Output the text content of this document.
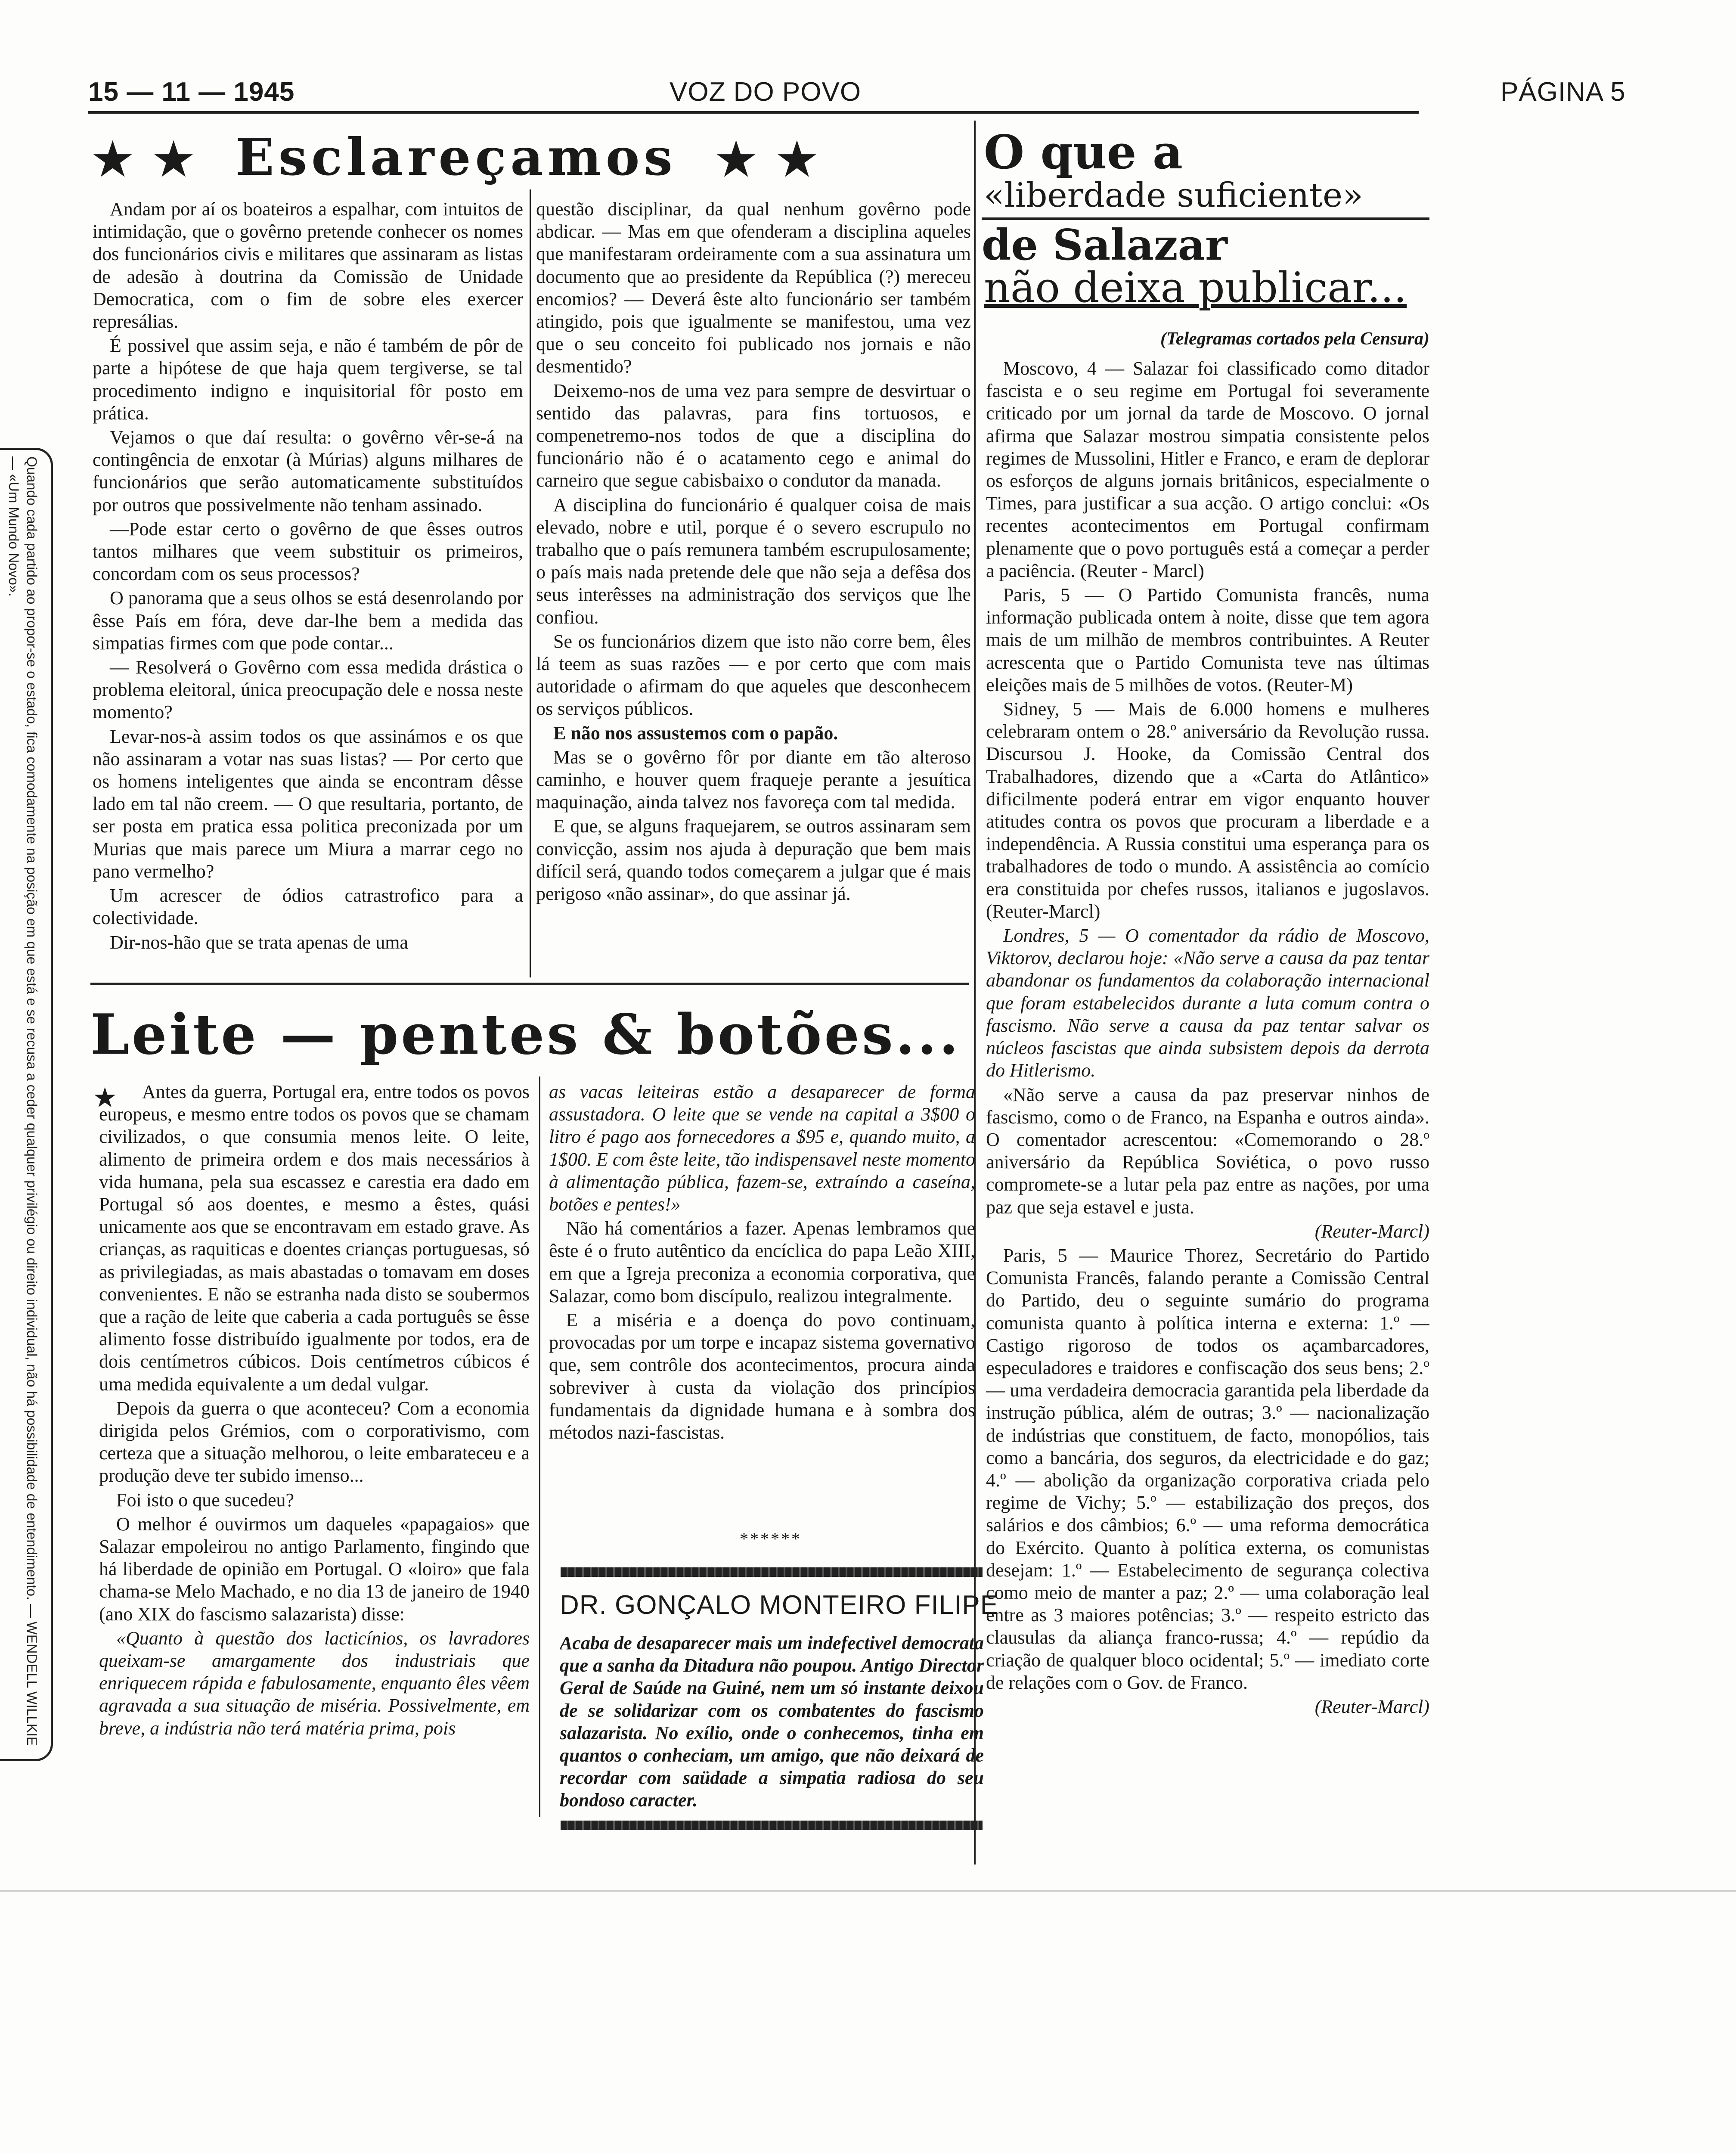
15 — 11 — 1945	VOZ DO POVO	PÁGINA 5
★ ★ Esclareçamos ★ ★

Andam por aí os boateiros a espalhar, com intuitos de intimidação, que o govêrno pretende conhecer os nomes dos funcionários civis e militares que assinaram as listas de adesão à doutrina da Comissão de Unidade Democratica, com o fim de sobre eles exercer represálias.

É possivel que assim seja, e não é também de pôr de parte a hipótese de que haja quem tergiverse, se tal procedimento indigno e inquisitorial fôr posto em prática.

Vejamos o que daí resulta: o govêrno vêr-se-á na contingência de enxotar (à Múrias) alguns milhares de funcionários que serão automaticamente substituídos por outros que possivelmente não tenham assinado.

—Pode estar certo o govêrno de que êsses outros tantos milhares que veem substituir os primeiros, concordam com os seus processos?

O panorama que a seus olhos se está desenrolando por êsse País em fóra, deve dar-lhe bem a medida das simpatias firmes com que pode contar...

— Resolverá o Govêrno com essa medida drástica o problema eleitoral, única preocupação dele e nossa neste momento?

Levar-nos-à assim todos os que assinámos e os que não assinaram a votar nas suas listas? — Por certo que os homens inteligentes que ainda se encontram dêsse lado em tal não creem. — O que resultaria, portanto, de ser posta em pratica essa politica preconizada por um Murias que mais parece um Miura a marrar cego no pano vermelho?

Um acrescer de ódios catrastrofico para a colectividade.

Dir-nos-hão que se trata apenas de uma

questão disciplinar, da qual nenhum govêrno pode abdicar. — Mas em que ofenderam a disciplina aqueles que manifestaram ordeiramente com a sua assinatura um documento que ao presidente da República (?) mereceu encomios? — Deverá êste alto funcionário ser também atingido, pois que igualmente se manifestou, uma vez que o seu conceito foi publicado nos jornais e não desmentido?

Deixemo-nos de uma vez para sempre de desvirtuar o sentido das palavras, para fins tortuosos, e compenetremo-nos todos de que a disciplina do funcionário não é o acatamento cego e animal do carneiro que segue cabisbaixo o condutor da manada.

A disciplina do funcionário é qualquer coisa de mais elevado, nobre e util, porque é o severo escrupulo no trabalho que o país remunera também escrupulosamente; o país mais nada pretende dele que não seja a defêsa dos seus interêsses na administração dos serviços que lhe confiou.

Se os funcionários dizem que isto não corre bem, êles lá teem as suas razões — e por certo que com mais autoridade o afirmam do que aqueles que desconhecem os serviços públicos.

E não nos assustemos com o papão.

Mas se o govêrno fôr por diante em tão alteroso caminho, e houver quem fraqueje perante a jesuítica maquinação, ainda talvez nos favoreça com tal medida.

E que, se alguns fraquejarem, se outros assinaram sem convicção, assim nos ajuda à depuração que bem mais difícil será, quando todos começarem a julgar que é mais perigoso «não assinar», do que assinar já.

Leite — pentes & botões...
★	Antes da guerra, Portugal era, entre todos os povos europeus, e mesmo entre todos os povos que se chamam civilizados, o que consumia menos leite. O leite, alimento de primeira ordem e dos mais necessários à vida humana, pela sua escassez e carestia era dado em Portugal só aos doentes, e mesmo a êstes, quási unicamente aos que se encontravam em estado grave. As crianças, as raquiticas e doentes crianças portuguesas, só as privilegiadas, as mais abastadas o tomavam em doses convenientes. E não se estranha nada disto se soubermos que a ração de leite que caberia a cada português se êsse alimento fosse distribuído igualmente por todos, era de dois centímetros cúbicos. Dois centímetros cúbicos é uma medida equivalente a um dedal vulgar.

Depois da guerra o que aconteceu? Com a economia dirigida pelos Grémios, com o corporativismo, com certeza que a situação melhorou, o leite embarateceu e a produção deve ter subido imenso...

Foi isto o que sucedeu?

O melhor é ouvirmos um daqueles «papagaios» que Salazar empoleirou no antigo Parlamento, fingindo que há liberdade de opinião em Portugal. O «loiro» que fala chama-se Melo Machado, e no dia 13 de janeiro de 1940 (ano XIX do fascismo salazarista) disse:

«Quanto à questão dos lacticínios, os lavradores queixam-se amargamente dos industriais que enriquecem rápida e fabulosamente, enquanto êles vêem agravada a sua situação de miséria. Possivelmente, em breve, a indústria não terá matéria prima, pois

as vacas leiteiras estão a desaparecer de forma assustadora. O leite que se vende na capital a 3$00 o litro é pago aos fornecedores a $95 e, quando muito, a 1$00. E com êste leite, tão indispensavel neste momento à alimentação pública, fazem-se, extraíndo a caseína, botões e pentes!»

Não há comentários a fazer. Apenas lembramos que êste é o fruto autêntico da encíclica do papa Leão XIII, em que a Igreja preconiza a economia corporativa, que Salazar, como bom discípulo, realizou integralmente.

E a miséria e a doença do povo continuam, provocadas por um torpe e incapaz sistema governativo que, sem contrôle dos acontecimentos, procura ainda sobreviver à custa da violação dos princípios fundamentais da dignidade humana e à sombra dos métodos nazi-fascistas.

******
DR. GONÇALO MONTEIRO FILIPE

Acaba de desaparecer mais um indefectivel democrata que a sanha da Ditadura não poupou. Antigo Director Geral de Saúde na Guiné, nem um só instante deixou de se solidarizar com os combatentes do fascismo salazarista. No exílio, onde o conhecemos, tinha em quantos o conheciam, um amigo, que não deixará de recordar com saüdade a simpatia radiosa do seu bondoso caracter.

O que a
«liberdade suficiente»
de Salazar
não deixa publicar...
(Telegramas cortados pela Censura)

Moscovo, 4 — Salazar foi classificado como ditador fascista e o seu regime em Portugal foi severamente criticado por um jornal da tarde de Moscovo. O jornal afirma que Salazar mostrou simpatia consistente pelos regimes de Mussolini, Hitler e Franco, e eram de deplorar os esforços de alguns jornais britânicos, especialmente o Times, para justificar a sua acção. O artigo conclui: «Os recentes acontecimentos em Portugal confirmam plenamente que o povo português está a começar a perder a paciência. (Reuter - Marcl)

Paris, 5 — O Partido Comunista francês, numa informação publicada ontem à noite, disse que tem agora mais de um milhão de membros contribuintes. A Reuter acrescenta que o Partido Comunista teve nas últimas eleições mais de 5 milhões de votos. (Reuter-M)

Sidney, 5 — Mais de 6.000 homens e mulheres celebraram ontem o 28.º aniversário da Revolução russa. Discursou J. Hooke, da Comissão Central dos Trabalhadores, dizendo que a «Carta do Atlântico» dificilmente poderá entrar em vigor enquanto houver atitudes contra os povos que procuram a liberdade e a independência. A Russia constitui uma esperança para os trabalhadores de todo o mundo. A assistência ao comício era constituida por chefes russos, italianos e jugoslavos. (Reuter-Marcl)

Londres, 5 — O comentador da rádio de Moscovo, Viktorov, declarou hoje: «Não serve a causa da paz tentar abandonar os fundamentos da colaboração internacional que foram estabelecidos durante a luta comum contra o fascismo. Não serve a causa da paz tentar salvar os núcleos fascistas que ainda subsistem depois da derrota do Hitlerismo.

«Não serve a causa da paz preservar ninhos de fascismo, como o de Franco, na Espanha e outros ainda». O comentador acrescentou: «Comemorando o 28.º aniversário da República Soviética, o povo russo compromete-se a lutar pela paz entre as nações, por uma paz que seja estavel e justa.

(Reuter-Marcl)

Paris, 5 — Maurice Thorez, Secretário do Partido Comunista Francês, falando perante a Comissão Central do Partido, deu o seguinte sumário do programa comunista quanto à política interna e externa: 1.º — Castigo rigoroso de todos os açambarcadores, especuladores e traidores e confiscação dos seus bens; 2.º — uma verdadeira democracia garantida pela liberdade da instrução pública, além de outras; 3.º — nacionalização de indústrias que constituem, de facto, monopólios, tais como a bancária, dos seguros, da electricidade e do gaz; 4.º — abolição da organização corporativa criada pelo regime de Vichy; 5.º — estabilização dos preços, dos salários e dos câmbios; 6.º — uma reforma democrática do Exército. Quanto à política externa, os comunistas desejam: 1.º — Estabelecimento de segurança colectiva como meio de manter a paz; 2.º — uma colaboração leal entre as 3 maiores potências; 3.º — respeito estricto das clausulas da aliança franco-russa; 4.º — repúdio da criação de qualquer bloco ocidental; 5.º — imediato corte de relações com o Gov. de Franco.

(Reuter-Marcl)

Quando cada partido ao propor-se o estado, fica comodamente na posição em que está e se recusa a ceder qualquer privilégio ou direito individual, não há possibilidade de entendimento. — WENDELL WILLKIE — «Um Mundo Novo».
